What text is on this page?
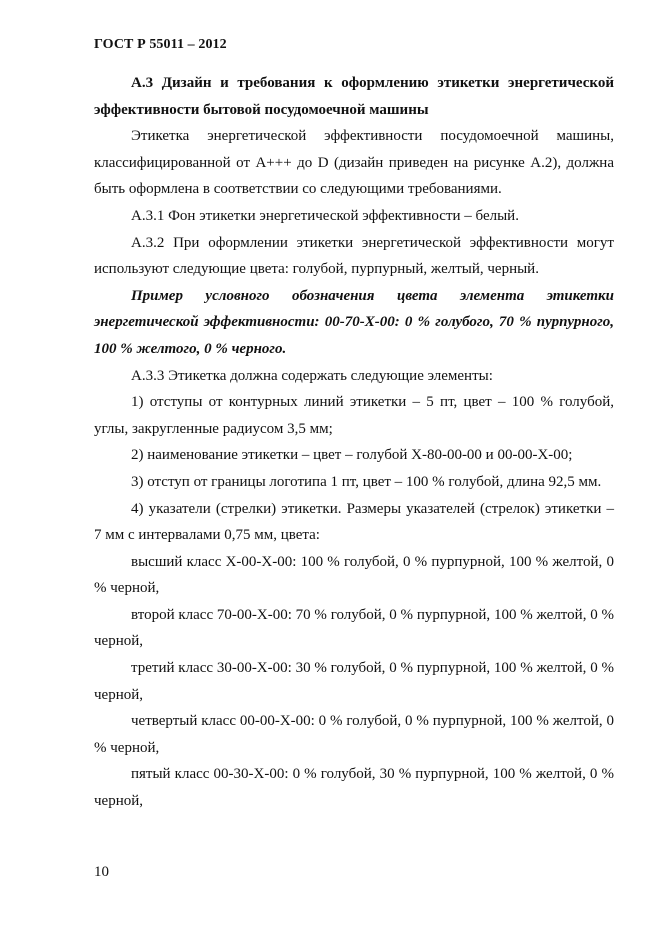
ГОСТ Р 55011 – 2012

А.3 Дизайн и требования к оформлению этикетки энергетической эффективности бытовой посудомоечной машины

Этикетка энергетической эффективности посудомоечной машины, классифицированной от А+++ до D (дизайн приведен на рисунке А.2), должна быть оформлена в соответствии со следующими требованиями.

А.3.1 Фон этикетки энергетической эффективности – белый.

А.3.2 При оформлении этикетки энергетической эффективности могут используют следующие цвета: голубой, пурпурный, желтый, черный.

Пример условного обозначения цвета элемента этикетки энергетической эффективности: 00-70-Х-00: 0 % голубого, 70 % пурпурного, 100 % желтого, 0 % черного.

А.3.3 Этикетка должна содержать следующие элементы:

1) отступы от контурных линий этикетки – 5 пт, цвет – 100 % голубой, углы, закругленные радиусом 3,5 мм;

2) наименование этикетки – цвет – голубой Х-80-00-00 и 00-00-Х-00;

3) отступ от границы логотипа 1 пт, цвет – 100 % голубой, длина 92,5 мм.

4) указатели (стрелки) этикетки. Размеры указателей (стрелок) этикетки – 7 мм с интервалами 0,75 мм, цвета:

высший класс Х-00-Х-00: 100 % голубой, 0 % пурпурной, 100 % желтой, 0 % черной,

второй класс 70-00-Х-00: 70 % голубой, 0 % пурпурной, 100 % желтой, 0 % черной,

третий класс 30-00-Х-00: 30 % голубой, 0 % пурпурной, 100 % желтой, 0 % черной,

четвертый класс 00-00-Х-00: 0 % голубой, 0 % пурпурной, 100 % желтой, 0 % черной,

пятый класс 00-30-Х-00: 0 % голубой, 30 % пурпурной, 100 % желтой, 0 % черной,

10
